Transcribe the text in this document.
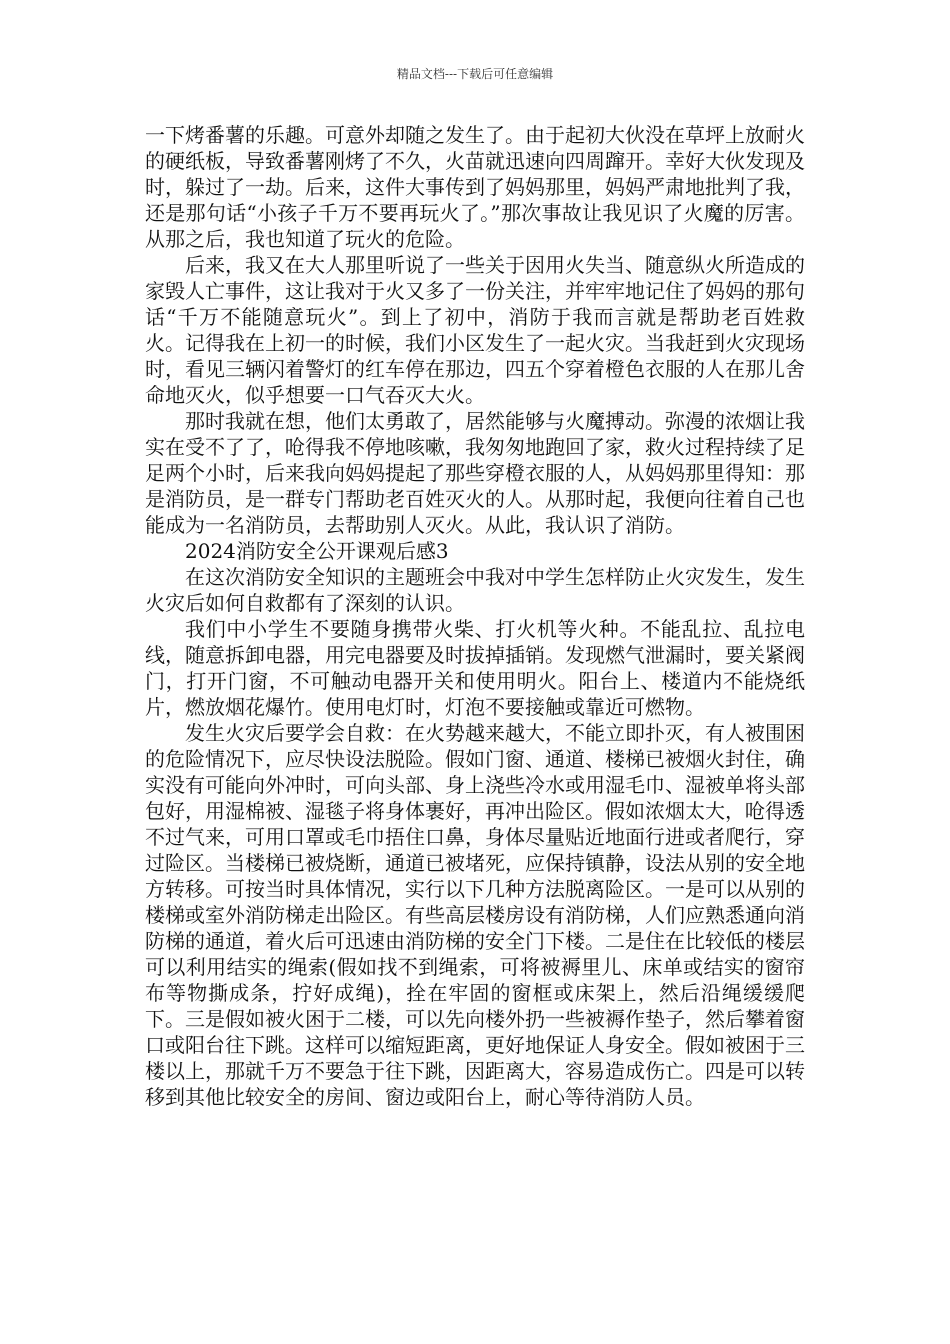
精品文档---下载后可任意编辑

一下烤番薯的乐趣。可意外却随之发生了。由于起初大伙没在草坪上放耐火的硬纸板，导致番薯刚烤了不久，火苗就迅速向四周蹿开。幸好大伙发现及时，躲过了一劫。后来，这件大事传到了妈妈那里，妈妈严肃地批判了我，还是那句话“小孩子千万不要再玩火了。”那次事故让我见识了火魔的厉害。从那之后，我也知道了玩火的危险。

后来，我又在大人那里听说了一些关于因用火失当、随意纵火所造成的家毁人亡事件，这让我对于火又多了一份关注，并牢牢地记住了妈妈的那句话“千万不能随意玩火”。到上了初中，消防于我而言就是帮助老百姓救火。记得我在上初一的时候，我们小区发生了一起火灾。当我赶到火灾现场时，看见三辆闪着警灯的红车停在那边，四五个穿着橙色衣服的人在那儿舍命地灭火，似乎想要一口气吞灭大火。

那时我就在想，他们太勇敢了，居然能够与火魔搏动。弥漫的浓烟让我实在受不了了，呛得我不停地咳嗽，我匆匆地跑回了家，救火过程持续了足足两个小时，后来我向妈妈提起了那些穿橙衣服的人，从妈妈那里得知：那是消防员，是一群专门帮助老百姓灭火的人。从那时起，我便向往着自己也能成为一名消防员，去帮助别人灭火。从此，我认识了消防。

2024消防安全公开课观后感3

在这次消防安全知识的主题班会中我对中学生怎样防止火灾发生，发生火灾后如何自救都有了深刻的认识。

我们中小学生不要随身携带火柴、打火机等火种。不能乱拉、乱拉电线，随意拆卸电器，用完电器要及时拔掉插销。发现燃气泄漏时，要关紧阀门，打开门窗，不可触动电器开关和使用明火。阳台上、楼道内不能烧纸片，燃放烟花爆竹。使用电灯时，灯泡不要接触或靠近可燃物。

发生火灾后要学会自救：在火势越来越大，不能立即扑灭，有人被围困的危险情况下，应尽快设法脱险。假如门窗、通道、楼梯已被烟火封住，确实没有可能向外冲时，可向头部、身上浇些冷水或用湿毛巾、湿被单将头部包好，用湿棉被、湿毯子将身体裹好，再冲出险区。假如浓烟太大，呛得透不过气来，可用口罩或毛巾捂住口鼻，身体尽量贴近地面行进或者爬行，穿过险区。当楼梯已被烧断，通道已被堵死，应保持镇静，设法从别的安全地方转移。可按当时具体情况，实行以下几种方法脱离险区。一是可以从别的楼梯或室外消防梯走出险区。有些高层楼房设有消防梯，人们应熟悉通向消防梯的通道，着火后可迅速由消防梯的安全门下楼。二是住在比较低的楼层可以利用结实的绳索(假如找不到绳索，可将被褥里儿、床单或结实的窗帘布等物撕成条，拧好成绳)，拴在牢固的窗框或床架上，然后沿绳缓缓爬下。三是假如被火困于二楼，可以先向楼外扔一些被褥作垫子，然后攀着窗口或阳台往下跳。这样可以缩短距离，更好地保证人身安全。假如被困于三楼以上，那就千万不要急于往下跳，因距离大，容易造成伤亡。四是可以转移到其他比较安全的房间、窗边或阳台上，耐心等待消防人员。
